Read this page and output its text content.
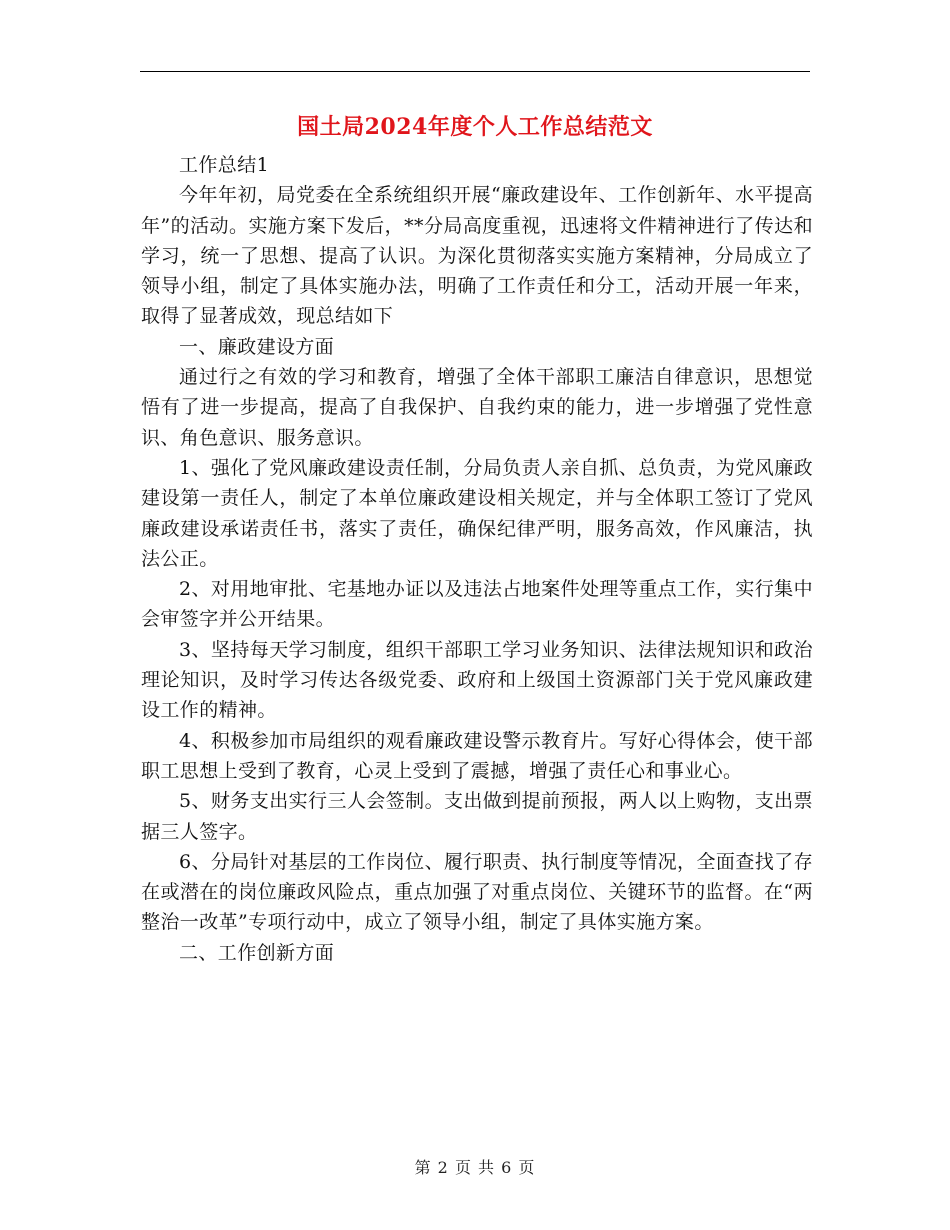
国土局2024年度个人工作总结范文

工作总结1

今年年初，局党委在全系统组织开展“廉政建设年、工作创新年、水平提高年”的活动。实施方案下发后，**分局高度重视，迅速将文件精神进行了传达和学习，统一了思想、提高了认识。为深化贯彻落实实施方案精神，分局成立了领导小组，制定了具体实施办法，明确了工作责任和分工，活动开展一年来，取得了显著成效，现总结如下

一、廉政建设方面

通过行之有效的学习和教育，增强了全体干部职工廉洁自律意识，思想觉悟有了进一步提高，提高了自我保护、自我约束的能力，进一步增强了党性意识、角色意识、服务意识。

1、强化了党风廉政建设责任制，分局负责人亲自抓、总负责，为党风廉政建设第一责任人，制定了本单位廉政建设相关规定，并与全体职工签订了党风廉政建设承诺责任书，落实了责任，确保纪律严明，服务高效，作风廉洁，执法公正。

2、对用地审批、宅基地办证以及违法占地案件处理等重点工作，实行集中会审签字并公开结果。

3、坚持每天学习制度，组织干部职工学习业务知识、法律法规知识和政治理论知识，及时学习传达各级党委、政府和上级国土资源部门关于党风廉政建设工作的精神。

4、积极参加市局组织的观看廉政建设警示教育片。写好心得体会，使干部职工思想上受到了教育，心灵上受到了震撼，增强了责任心和事业心。

5、财务支出实行三人会签制。支出做到提前预报，两人以上购物，支出票据三人签字。

6、分局针对基层的工作岗位、履行职责、执行制度等情况，全面查找了存在或潜在的岗位廉政风险点，重点加强了对重点岗位、关键环节的监督。在“两整治一改革”专项行动中，成立了领导小组，制定了具体实施方案。

二、工作创新方面

第 2 页 共 6 页
